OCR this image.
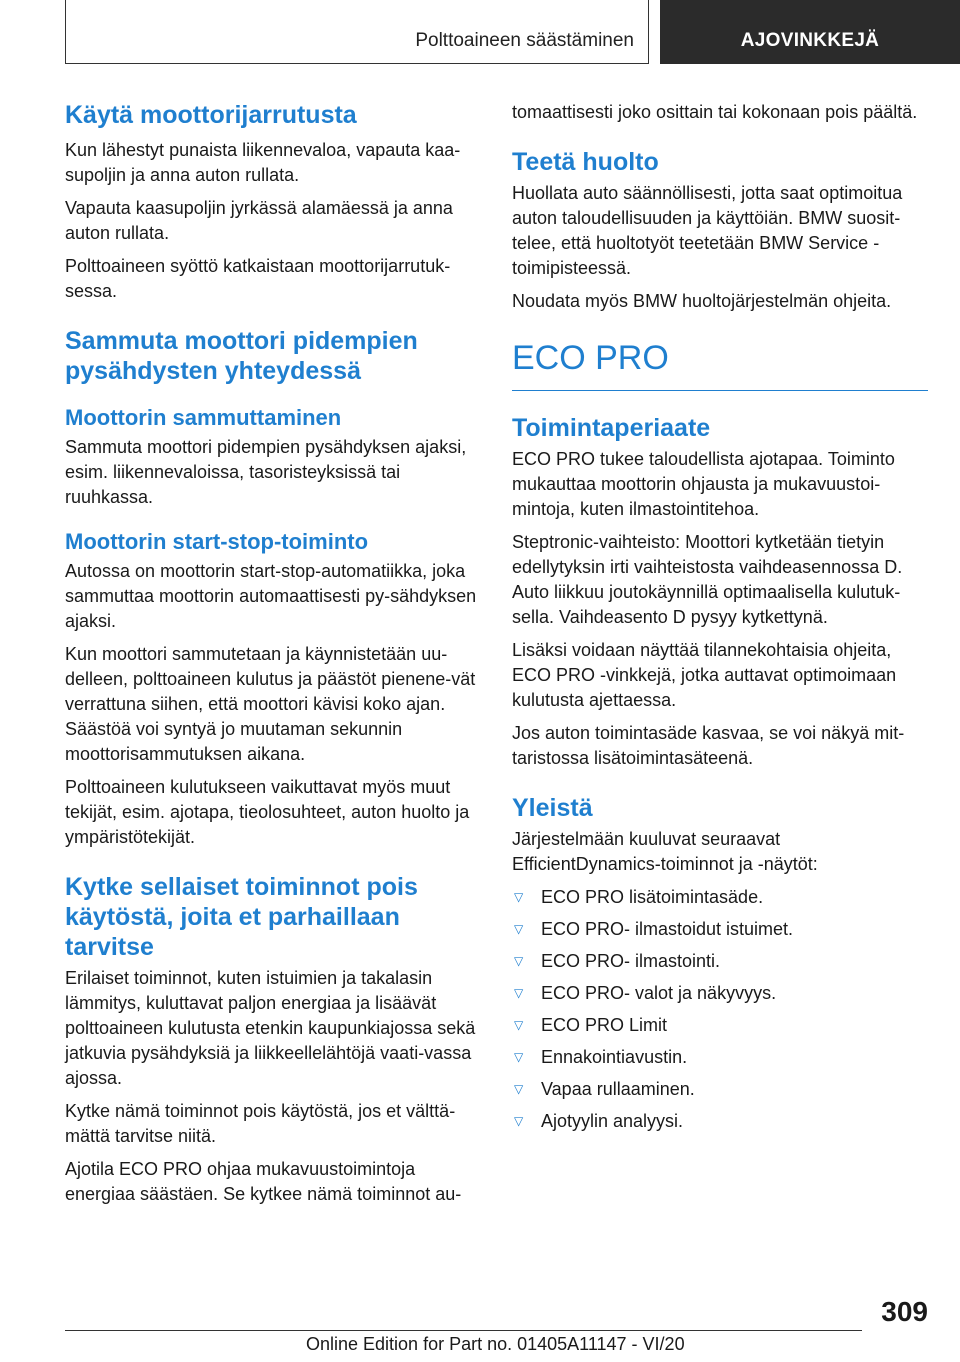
Polttoaineen säästäminen	AJOVINKKEJÄ
Käytä moottorijarrutusta

Kun lähestyt punaista liikennevaloa, vapauta kaa-supoljin ja anna auton rullata.

Vapauta kaasupoljin jyrkässä alamäessä ja anna auton rullata.

Polttoaineen syöttö katkaistaan moottorijarrutuk-sessa.

Sammuta moottori pidempien pysähdysten yhteydessä
Moottorin sammuttaminen

Sammuta moottori pidempien pysähdyksen ajaksi, esim. liikennevaloissa, tasoristeyksissä tai ruuhkassa.

Moottorin start-stop-toiminto

Autossa on moottorin start-stop-automatiikka, joka sammuttaa moottorin automaattisesti py-sähdyksen ajaksi.

Kun moottori sammutetaan ja käynnistetään uu-delleen, polttoaineen kulutus ja päästöt pienene-vät verrattuna siihen, että moottori kävisi koko ajan. Säästöä voi syntyä jo muutaman sekunnin moottorisammutuksen aikana.

Polttoaineen kulutukseen vaikuttavat myös muut tekijät, esim. ajotapa, tieolosuhteet, auton huolto ja ympäristötekijät.

Kytke sellaiset toiminnot pois käytöstä, joita et parhaillaan tarvitse

Erilaiset toiminnot, kuten istuimien ja takalasin lämmitys, kuluttavat paljon energiaa ja lisäävät polttoaineen kulutusta etenkin kaupunkiajossa sekä jatkuvia pysähdyksiä ja liikkeellelähtöjä vaati-vassa ajossa.

Kytke nämä toiminnot pois käytöstä, jos et välttä-mättä tarvitse niitä.

Ajotila ECO PRO ohjaa mukavuustoimintoja energiaa säästäen. Se kytkee nämä toiminnot au-

tomaattisesti joko osittain tai kokonaan pois päältä.

Teetä huolto

Huollata auto säännöllisesti, jotta saat optimoitua auton taloudellisuuden ja käyttöiän. BMW suosit-telee, että huoltotyöt teetetään BMW Service -toimipisteessä.

Noudata myös BMW huoltojärjestelmän ohjeita.

ECO PRO
Toimintaperiaate

ECO PRO tukee taloudellista ajotapaa. Toiminto mukauttaa moottorin ohjausta ja mukavuustoi-mintoja, kuten ilmastointitehoa.

Steptronic-vaihteisto: Moottori kytketään tietyin edellytyksin irti vaihteistosta vaihdeasennossa D. Auto liikkuu joutokäynnillä optimaalisella kulutuk-sella. Vaihdeasento D pysyy kytkettynä.

Lisäksi voidaan näyttää tilannekohtaisia ohjeita, ECO PRO -vinkkejä, jotka auttavat optimoimaan kulutusta ajettaessa.

Jos auton toimintasäde kasvaa, se voi näkyä mit-taristossa lisätoimintasäteenä.

Yleistä

Järjestelmään kuuluvat seuraavat EfficientDynamics-toiminnot ja -näytöt:

▽ ECO PRO lisätoimintasäde.
▽ ECO PRO- ilmastoidut istuimet.
▽ ECO PRO- ilmastointi.
▽ ECO PRO- valot ja näkyvyys.
▽ ECO PRO Limit
▽ Ennakointiavustin.
▽ Vapaa rullaaminen.
▽ Ajotyylin analyysi.
309
Online Edition for Part no. 01405A11147 - VI/20
